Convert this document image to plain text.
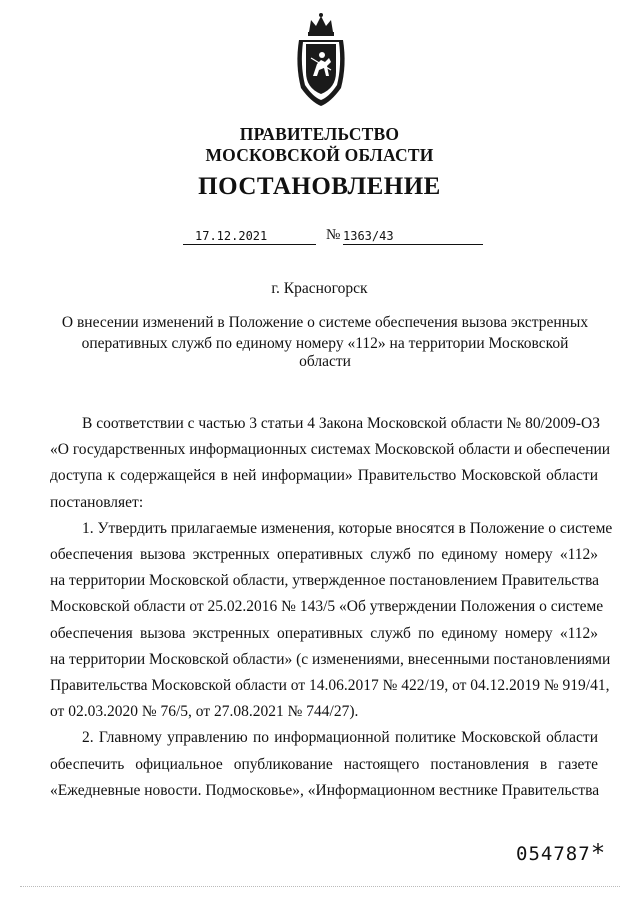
ПРАВИТЕЛЬСТВО
МОСКОВСКОЙ ОБЛАСТИ
ПОСТАНОВЛЕНИЕ
17.12.2021	№ 1363/43
г. Красногорск
О внесении изменений в Положение о системе обеспечения вызова экстренных
оперативных служб по единому номеру «112» на территории Московской области
В соответствии с частью 3 статьи 4 Закона Московской области № 80/2009-ОЗ
«О государственных информационных системах Московской области и обеспечении
доступа к содержащейся в ней информации» Правительство Московской области
постановляет:
1. Утвердить прилагаемые изменения, которые вносятся в Положение о системе
обеспечения вызова экстренных оперативных служб по единому номеру «112»
на территории Московской области, утвержденное постановлением Правительства
Московской области от 25.02.2016 № 143/5 «Об утверждении Положения о системе
обеспечения вызова экстренных оперативных служб по единому номеру «112»
на территории Московской области» (с изменениями, внесенными постановлениями
Правительства Московской области от 14.06.2017 № 422/19, от 04.12.2019 № 919/41,
от 02.03.2020 № 76/5, от 27.08.2021 № 744/27).
2. Главному управлению по информационной политике Московской области
обеспечить официальное опубликование настоящего постановления в газете
«Ежедневные новости. Подмосковье», «Информационном вестнике Правительства
054787 *
